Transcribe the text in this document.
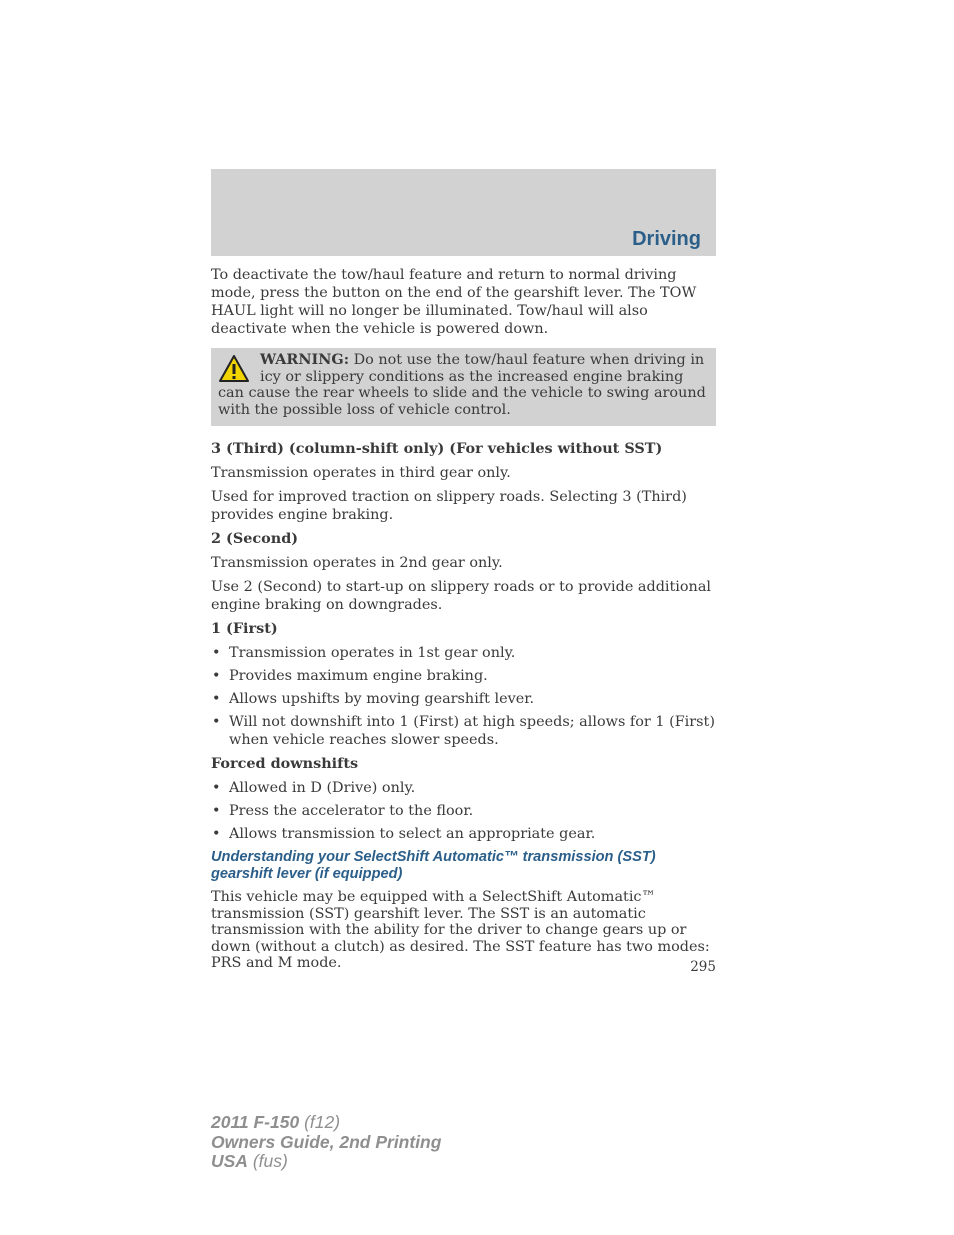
Driving

To deactivate the tow/haul feature and return to normal driving mode, press the button on the end of the gearshift lever. The TOW HAUL light will no longer be illuminated. Tow/haul will also deactivate when the vehicle is powered down.

WARNING: Do not use the tow/haul feature when driving in icy or slippery conditions as the increased engine braking can cause the rear wheels to slide and the vehicle to swing around with the possible loss of vehicle control.

3 (Third) (column-shift only) (For vehicles without SST)

Transmission operates in third gear only.

Used for improved traction on slippery roads. Selecting 3 (Third) provides engine braking.

2 (Second)

Transmission operates in 2nd gear only.

Use 2 (Second) to start-up on slippery roads or to provide additional engine braking on downgrades.

1 (First)

• Transmission operates in 1st gear only.
• Provides maximum engine braking.
• Allows upshifts by moving gearshift lever.
• Will not downshift into 1 (First) at high speeds; allows for 1 (First) when vehicle reaches slower speeds.

Forced downshifts

• Allowed in D (Drive) only.
• Press the accelerator to the floor.
• Allows transmission to select an appropriate gear.

Understanding your SelectShift Automatic™ transmission (SST) gearshift lever (if equipped)

This vehicle may be equipped with a SelectShift Automatic™ transmission (SST) gearshift lever. The SST is an automatic transmission with the ability for the driver to change gears up or down (without a clutch) as desired. The SST feature has two modes: PRS and M mode.	295
2011 F-150 (f12)
Owners Guide, 2nd Printing
USA (fus)
